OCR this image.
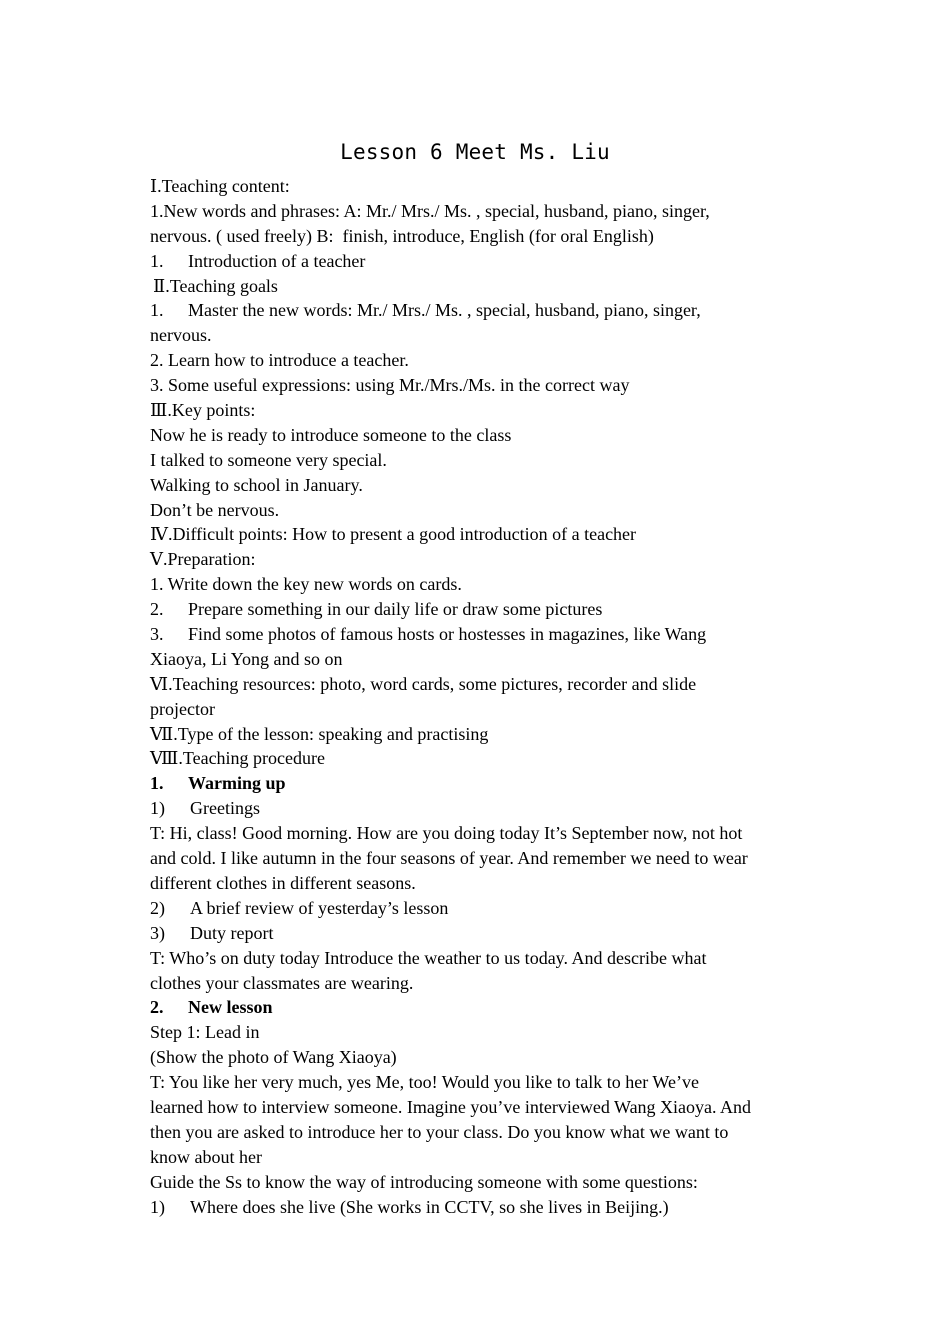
Lesson 6 Meet Ms. Liu
Ⅰ.Teaching content:
1.New words and phrases: A: Mr./ Mrs./ Ms. , special, husband, piano, singer,
nervous. ( used freely) B:  finish, introduce, English (for oral English)
1. Introduction of a teacher
Ⅱ.Teaching goals
1. Master the new words: Mr./ Mrs./ Ms. , special, husband, piano, singer,
nervous.
2. Learn how to introduce a teacher.
3. Some useful expressions: using Mr./Mrs./Ms. in the correct way
Ⅲ.Key points:
Now he is ready to introduce someone to the class
I talked to someone very special.
Walking to school in January.
Don’t be nervous.
Ⅳ.Difficult points: How to present a good introduction of a teacher
Ⅴ.Preparation:
1. Write down the key new words on cards.
2. Prepare something in our daily life or draw some pictures
3. Find some photos of famous hosts or hostesses in magazines, like Wang
Xiaoya, Li Yong and so on
Ⅵ.Teaching resources: photo, word cards, some pictures, recorder and slide
projector
Ⅶ.Type of the lesson: speaking and practising
Ⅷ.Teaching procedure
1. Warming up
1) Greetings
T: Hi, class! Good morning. How are you doing today It’s September now, not hot
and cold. I like autumn in the four seasons of year. And remember we need to wear
different clothes in different seasons.
2) A brief review of yesterday’s lesson
3) Duty report
T: Who’s on duty today Introduce the weather to us today. And describe what
clothes your classmates are wearing.
2. New lesson
Step 1: Lead in
(Show the photo of Wang Xiaoya)
T: You like her very much, yes Me, too! Would you like to talk to her We’ve
learned how to interview someone. Imagine you’ve interviewed Wang Xiaoya. And
then you are asked to introduce her to your class. Do you know what we want to
know about her
Guide the Ss to know the way of introducing someone with some questions:
1) Where does she live (She works in CCTV, so she lives in Beijing.)
